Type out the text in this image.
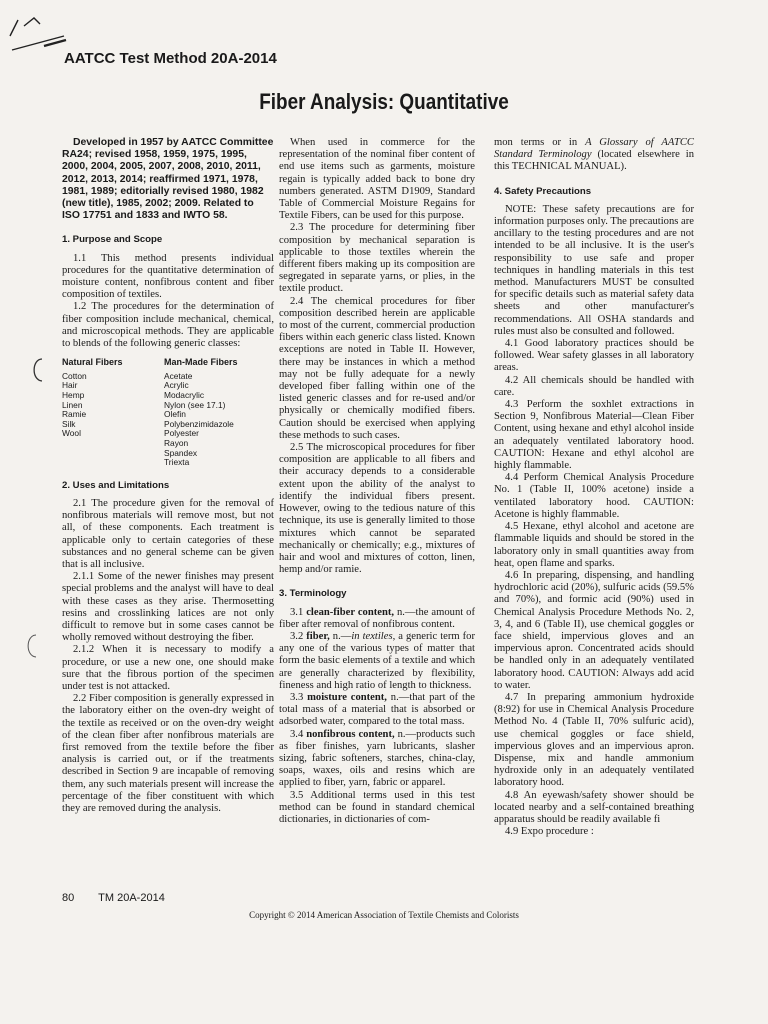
AATCC Test Method 20A-2014
Fiber Analysis: Quantitative

Developed in 1957 by AATCC Committee RA24; revised 1958, 1959, 1975, 1995, 2000, 2004, 2005, 2007, 2008, 2010, 2011, 2012, 2013, 2014; reaffirmed 1971, 1978, 1981, 1989; editorially revised 1980, 1982 (new title), 1985, 2002; 2009. Related to ISO 17751 and 1833 and IWTO 58.

1. Purpose and Scope

1.1 This method presents individual procedures for the quantitative determination of moisture content, nonfibrous content and fiber composition of textiles.

1.2 The procedures for the determination of fiber composition include mechanical, chemical, and microscopical methods. They are applicable to blends of the following generic classes:

Natural Fibers
Cotton
Hair
Hemp
Linen
Ramie
Silk
Wool
Man-Made Fibers
Acetate
Acrylic
Modacrylic
Nylon (see 17.1)
Olefin
Polybenzimidazole
Polyester
Rayon
Spandex
Triexta
2. Uses and Limitations

2.1 The procedure given for the removal of nonfibrous materials will remove most, but not all, of these components. Each treatment is applicable only to certain categories of these substances and no general scheme can be given that is all inclusive.

2.1.1 Some of the newer finishes may present special problems and the analyst will have to deal with these cases as they arise. Thermosetting resins and crosslinking latices are not only difficult to remove but in some cases cannot be wholly removed without destroying the fiber.

2.1.2 When it is necessary to modify a procedure, or use a new one, one should make sure that the fibrous portion of the specimen under test is not attacked.

2.2 Fiber composition is generally expressed in the laboratory either on the oven-dry weight of the textile as received or on the oven-dry weight of the clean fiber after nonfibrous materials are first removed from the textile before the fiber analysis is carried out, or if the treatments described in Section 9 are incapable of removing them, any such materials present will increase the percentage of the fiber constituent with which they are removed during the analysis.

When used in commerce for the representation of the nominal fiber content of end use items such as garments, moisture regain is typically added back to bone dry numbers generated. ASTM D1909, Standard Table of Commercial Moisture Regains for Textile Fibers, can be used for this purpose.

2.3 The procedure for determining fiber composition by mechanical separation is applicable to those textiles wherein the different fibers making up its composition are segregated in separate yarns, or plies, in the textile product.

2.4 The chemical procedures for fiber composition described herein are applicable to most of the current, commercial production fibers within each generic class listed. Known exceptions are noted in Table II. However, there may be instances in which a method may not be fully adequate for a newly developed fiber falling within one of the listed generic classes and for re-used and/or physically or chemically modified fibers. Caution should be exercised when applying these methods to such cases.

2.5 The microscopical procedures for fiber composition are applicable to all fibers and their accuracy depends to a considerable extent upon the ability of the analyst to identify the individual fibers present. However, owing to the tedious nature of this technique, its use is generally limited to those mixtures which cannot be separated mechanically or chemically; e.g., mixtures of hair and wool and mixtures of cotton, linen, hemp and/or ramie.

3. Terminology

3.1 clean-fiber content, n.—the amount of fiber after removal of nonfibrous content.

3.2 fiber, n.—in textiles, a generic term for any one of the various types of matter that form the basic elements of a textile and which are generally characterized by flexibility, fineness and high ratio of length to thickness.

3.3 moisture content, n.—that part of the total mass of a material that is absorbed or adsorbed water, compared to the total mass.

3.4 nonfibrous content, n.—products such as fiber finishes, yarn lubricants, slasher sizing, fabric softeners, starches, china-clay, soaps, waxes, oils and resins which are applied to fiber, yarn, fabric or apparel.

3.5 Additional terms used in this test method can be found in standard chemical dictionaries, in dictionaries of com-

mon terms or in A Glossary of AATCC Standard Terminology (located elsewhere in this TECHNICAL MANUAL).

4. Safety Precautions

NOTE: These safety precautions are for information purposes only. The precautions are ancillary to the testing procedures and are not intended to be all inclusive. It is the user's responsibility to use safe and proper techniques in handling materials in this test method. Manufacturers MUST be consulted for specific details such as material safety data sheets and other manufacturer's recommendations. All OSHA standards and rules must also be consulted and followed.

4.1 Good laboratory practices should be followed. Wear safety glasses in all laboratory areas.

4.2 All chemicals should be handled with care.

4.3 Perform the soxhlet extractions in Section 9, Nonfibrous Material—Clean Fiber Content, using hexane and ethyl alcohol inside an adequately ventilated laboratory hood. CAUTION: Hexane and ethyl alcohol are highly flammable.

4.4 Perform Chemical Analysis Procedure No. 1 (Table II, 100% acetone) inside a ventilated laboratory hood. CAUTION: Acetone is highly flammable.

4.5 Hexane, ethyl alcohol and acetone are flammable liquids and should be stored in the laboratory only in small quantities away from heat, open flame and sparks.

4.6 In preparing, dispensing, and handling hydrochloric acid (20%), sulfuric acids (59.5% and 70%), and formic acid (90%) used in Chemical Analysis Procedure Methods No. 2, 3, 4, and 6 (Table II), use chemical goggles or face shield, impervious gloves and an impervious apron. Concentrated acids should be handled only in an adequately ventilated laboratory hood. CAUTION: Always add acid to water.

4.7 In preparing ammonium hydroxide (8:92) for use in Chemical Analysis Procedure Method No. 4 (Table II, 70% sulfuric acid), use chemical goggles or face shield, impervious gloves and an impervious apron. Dispense, mix and handle ammonium hydroxide only in an adequately ventilated laboratory hood.

4.8 An eyewash/safety shower should be located nearby and a self-contained breathing apparatus should be readily available fi

4.9 Expo procedure :

80 TM 20A-2014
Copyright © 2014 American Association of Textile Chemists and Colorists
